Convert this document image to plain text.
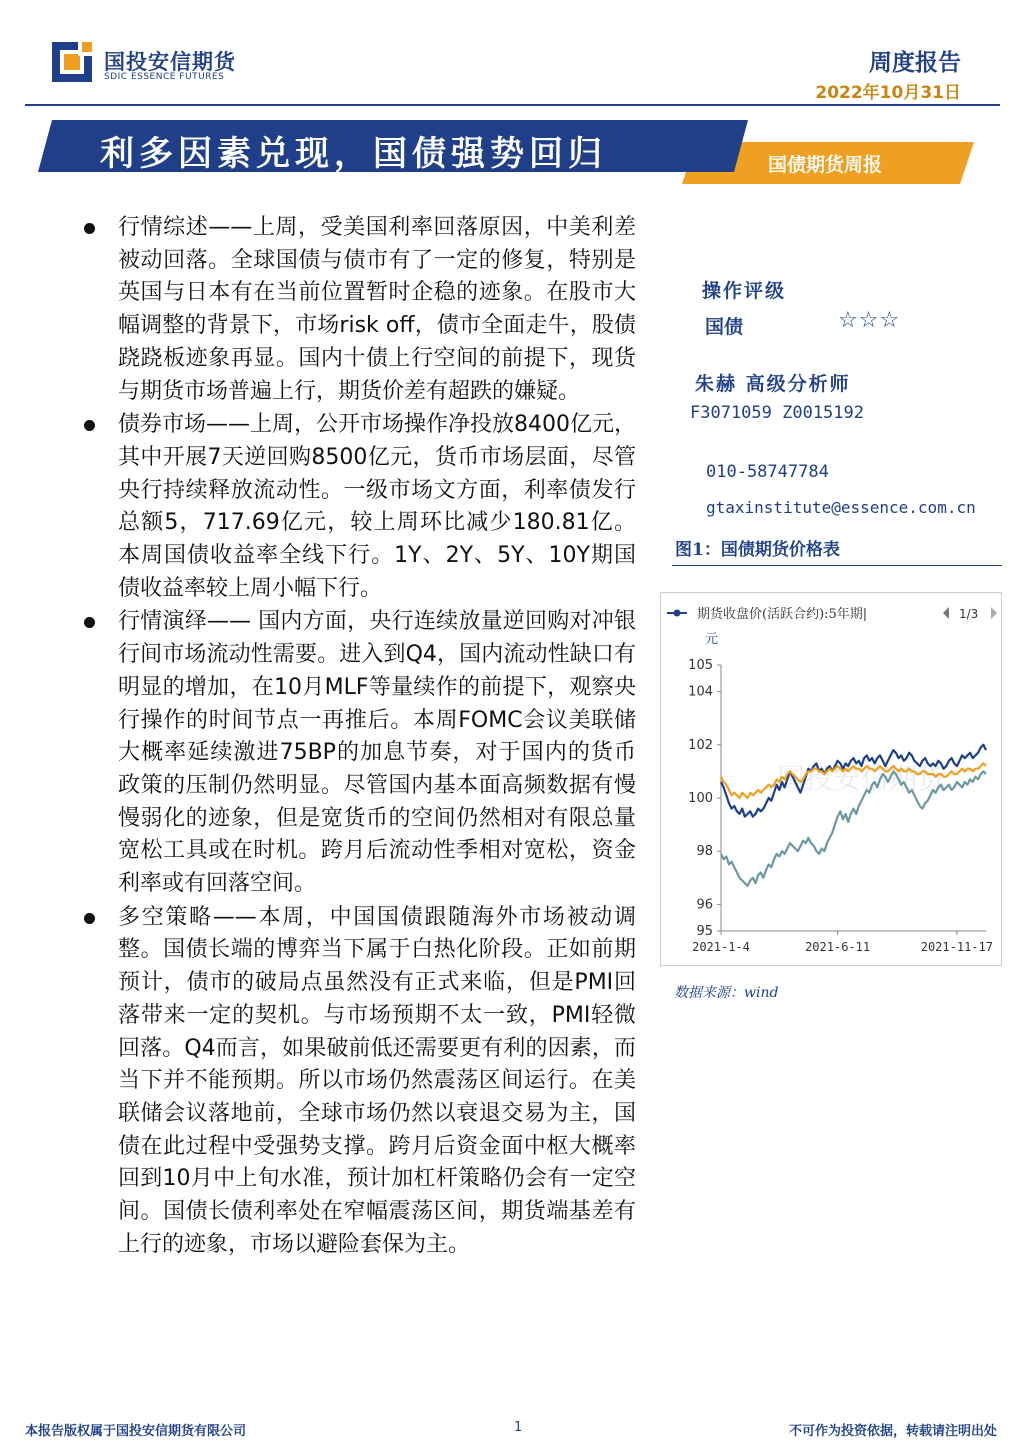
国投安信期货
SDIC ESSENCE FUTURES
周度报告
2022年10月31日
利多因素兑现，国债强势回归	国债期货周报
行情综述——上周，受美国利率回落原因，中美利差被动回落。全球国债与债市有了一定的修复，特别是英国与日本有在当前位置暂时企稳的迹象。在股市大幅调整的背景下，市场risk off，债市全面走牛，股债跷跷板迹象再显。国内十债上行空间的前提下，现货与期货市场普遍上行，期货价差有超跌的嫌疑。
债券市场——上周，公开市场操作净投放8400亿元，其中开展7天逆回购8500亿元，货币市场层面，尽管央行持续释放流动性。一级市场文方面，利率债发行总额5，717.69亿元，较上周环比减少180.81亿。本周国债收益率全线下行。1Y、2Y、5Y、10Y期国债收益率较上周小幅下行。
行情演绎—— 国内方面，央行连续放量逆回购对冲银行间市场流动性需要。进入到Q4，国内流动性缺口有明显的增加，在10月MLF等量续作的前提下，观察央行操作的时间节点一再推后。本周FOMC会议美联储大概率延续激进75BP的加息节奏，对于国内的货币政策的压制仍然明显。尽管国内基本面高频数据有慢慢弱化的迹象，但是宽货币的空间仍然相对有限总量宽松工具或在时机。跨月后流动性季相对宽松，资金利率或有回落空间。
多空策略——本周，中国国债跟随海外市场被动调整。国债长端的博弈当下属于白热化阶段。正如前期预计，债市的破局点虽然没有正式来临，但是PMI回落带来一定的契机。与市场预期不太一致，PMI轻微回落。Q4而言，如果破前低还需要更有利的因素，而当下并不能预期。所以市场仍然震荡区间运行。在美联储会议落地前，全球市场仍然以衰退交易为主，国债在此过程中受强势支撑。跨月后资金面中枢大概率回到10月中上旬水准，预计加杠杆策略仍会有一定空间。国债长债利率处在窄幅震荡区间，期货端基差有上行的迹象，市场以避险套保为主。
操作评级
国债	☆☆☆
朱赫 高级分析师
F3071059 Z0015192
010-58747784
gtaxinstitute@essence.com.cn
图1：国债期货价格表
期货收盘价(活跃合约):5年期|	1/3
元
国投安信期货
105
104
102
100
98
96
95
2021-1-4	2021-6-11	2021-11-17
数据来源：wind
本报告版权属于国投安信期货有限公司	1	不可作为投资依据，转载请注明出处
